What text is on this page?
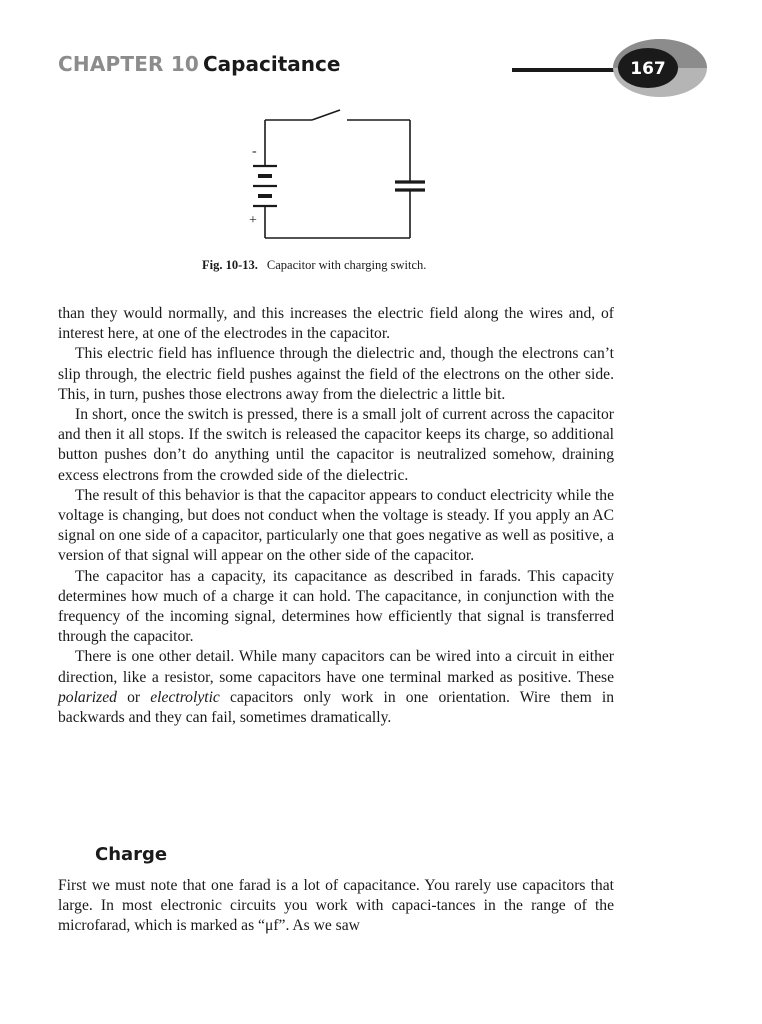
CHAPTER 10 Capacitance	167
-
+
Fig. 10-13. Capacitor with charging switch.

than they would normally, and this increases the electric field along the wires and, of interest here, at one of the electrodes in the capacitor.

This electric field has influence through the dielectric and, though the electrons can’t slip through, the electric field pushes against the field of the electrons on the other side. This, in turn, pushes those electrons away from the dielectric a little bit.

In short, once the switch is pressed, there is a small jolt of current across the capacitor and then it all stops. If the switch is released the capacitor keeps its charge, so additional button pushes don’t do anything until the capacitor is neutralized somehow, draining excess electrons from the crowded side of the dielectric.

The result of this behavior is that the capacitor appears to conduct electricity while the voltage is changing, but does not conduct when the voltage is steady. If you apply an AC signal on one side of a capacitor, particularly one that goes negative as well as positive, a version of that signal will appear on the other side of the capacitor.

The capacitor has a capacity, its capacitance as described in farads. This capacity determines how much of a charge it can hold. The capacitance, in conjunction with the frequency of the incoming signal, determines how efficiently that signal is transferred through the capacitor.

There is one other detail. While many capacitors can be wired into a circuit in either direction, like a resistor, some capacitors have one terminal marked as positive. These polarized or electrolytic capacitors only work in one orientation. Wire them in backwards and they can fail, sometimes dramatically.

Charge

First we must note that one farad is a lot of capacitance. You rarely use capacitors that large. In most electronic circuits you work with capaci-tances in the range of the microfarad, which is marked as “μf”. As we saw
